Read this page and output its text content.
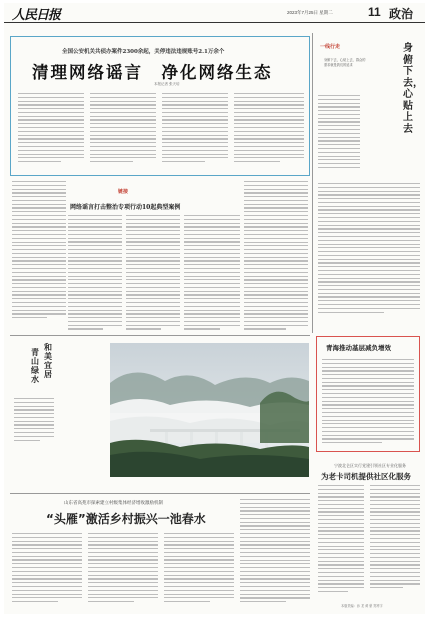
人民日报	2023年7月25日 星期二	11 政治
全国公安机关共侦办案件2300余起，关停违法违规账号2.1万余个
清理网络谣言　净化网络生态
本报记者 张天培
链接
网络谣言打击整治专项行动10起典型案例
一线行走
身俯下去，心贴上去，群众的需求就是我们的追求
身俯下去，心贴上去
青海推动基层减负增效
宁波北仑区实行党建引领社区专业化服务
为老卡司机提供社区化服务
青山绿水
和美宜居
山东省高苑市探索建立村级集体经济增收激励机制
“头雁”激活乡村振兴一池春水
本版责编：孙 龙 黄 豪 郑秀宇
